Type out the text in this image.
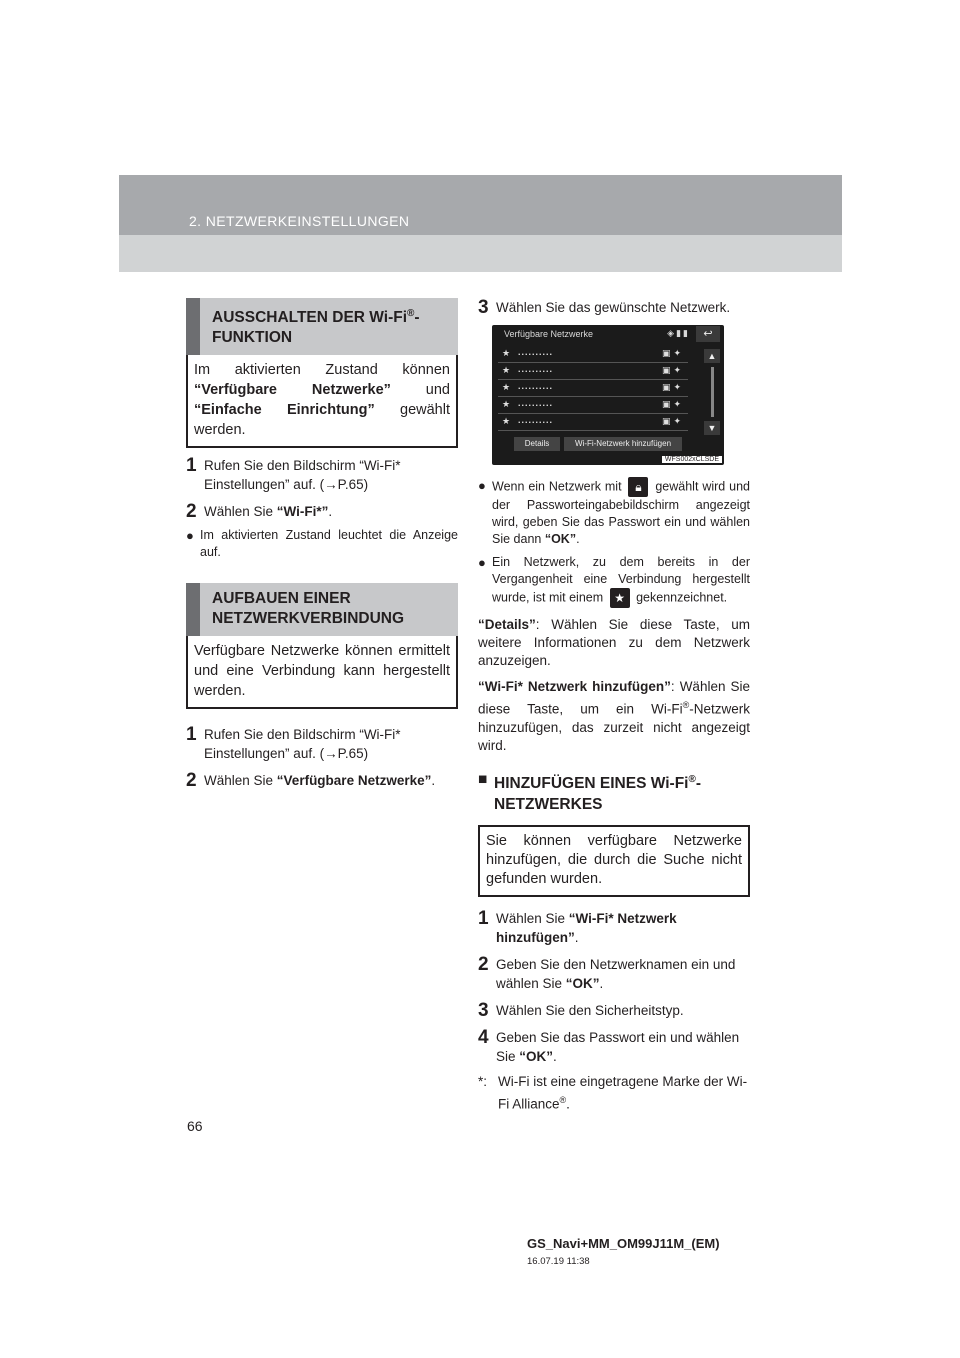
2. NETZWERKEINSTELLUNGEN
AUSSCHALTEN DER Wi-Fi®-
FUNKTION
Im aktivierten Zustand können “Verfügbare Netzwerke” und “Einfache Einrichtung” gewählt werden.
1 Rufen Sie den Bildschirm “Wi-Fi* Einstellungen” auf. (→P.65)
2 Wählen Sie “Wi-Fi*”.
● Im aktivierten Zustand leuchtet die Anzeige auf.
AUFBAUEN EINER
NETZWERKVERBINDUNG
Verfügbare Netzwerke können ermittelt und eine Verbindung kann hergestellt werden.
1 Rufen Sie den Bildschirm “Wi-Fi* Einstellungen” auf. (→P.65)
2 Wählen Sie “Verfügbare Netzwerke”.
3 Wählen Sie das gewünschte Netzwerk.
Verfügbare Netzwerke	◈▮▮	↩
★ ..........	▣✦
★ ..........	▣✦
★ ..........	▣✦
★ ..........	▣✦
★ ..........	▣✦
▲
▼
Details	Wi-Fi-Netzwerk hinzufügen
WFS002xCLSDE
● Wenn ein Netzwerk mit 🔒︎ gewählt wird und der Passworteingabebildschirm angezeigt wird, geben Sie das Passwort ein und wählen Sie dann “OK”.
● Ein Netzwerk, zu dem bereits in der Vergangenheit eine Verbindung hergestellt wurde, ist mit einem ★ gekennzeichnet.
“Details”: Wählen Sie diese Taste, um weitere Informationen zu dem Netzwerk anzuzeigen.
“Wi-Fi* Netzwerk hinzufügen”: Wählen Sie diese Taste, um ein Wi-Fi®-Netzwerk hinzuzufügen, das zurzeit nicht angezeigt wird.
■ HINZUFÜGEN EINES Wi-Fi®-
NETZWERKES
Sie können verfügbare Netzwerke hinzufügen, die durch die Suche nicht gefunden wurden.
1 Wählen Sie “Wi-Fi* Netzwerk hinzufügen”.
2 Geben Sie den Netzwerknamen ein und wählen Sie “OK”.
3 Wählen Sie den Sicherheitstyp.
4 Geben Sie das Passwort ein und wählen Sie “OK”.
*: Wi-Fi ist eine eingetragene Marke der Wi-Fi Alliance®.
66
GS_Navi+MM_OM99J11M_(EM)
16.07.19 11:38
